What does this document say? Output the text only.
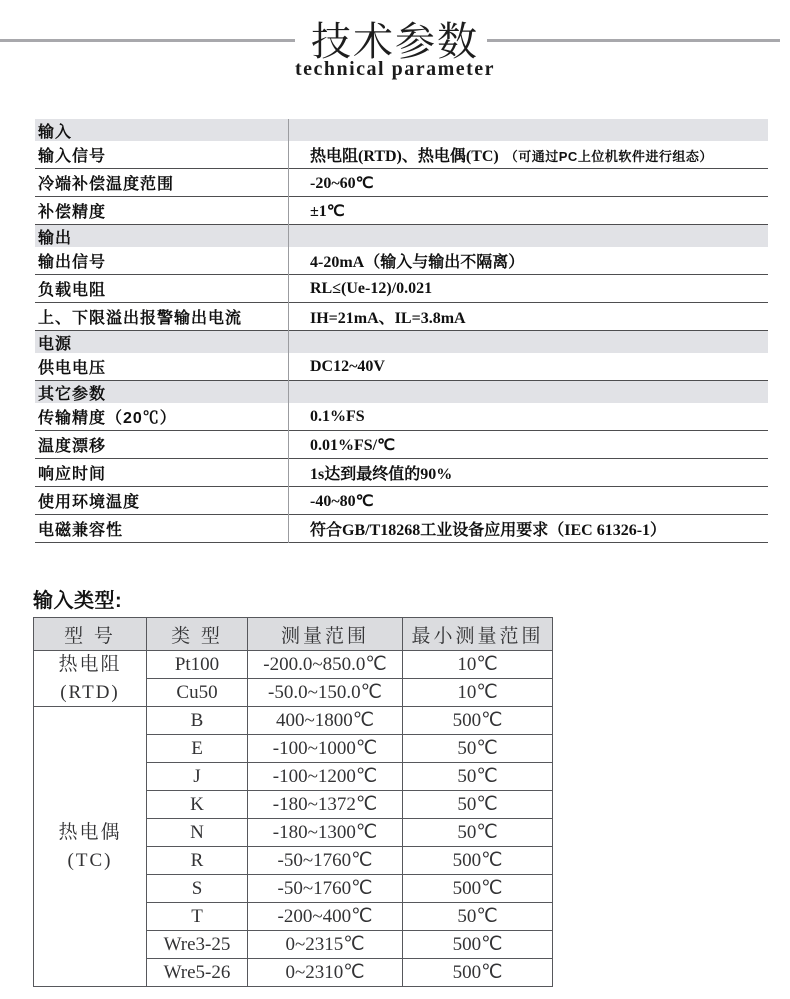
技术参数
technical parameter
输入
输入信号	热电阻(RTD)、热电偶(TC) （可通过PC上位机软件进行组态）
冷端补偿温度范围	-20~60℃
补偿精度	±1℃
输出
输出信号	4-20mA（输入与输出不隔离）
负载电阻	RL≤(Ue-12)/0.021
上、下限溢出报警输出电流	IH=21mA、IL=3.8mA
电源
供电电压	DC12~40V
其它参数
传输精度（20℃）	0.1%FS
温度漂移	0.01%FS/℃
响应时间	1s达到最终值的90%
使用环境温度	-40~80℃
电磁兼容性	符合GB/T18268工业设备应用要求（IEC 61326-1）
输入类型:
型 号	类 型	测量范围	最小测量范围

热电阻
(RTD)	Pt100	-200.0~850.0℃	10℃
	Cu50	-50.0~150.0℃	10℃

热电偶
(TC)	B	400~1800℃	500℃
	E	-100~1000℃	50℃
	J	-100~1200℃	50℃
	K	-180~1372℃	50℃
	N	-180~1300℃	50℃
	R	-50~1760℃	500℃
	S	-50~1760℃	500℃
	T	-200~400℃	50℃
	Wre3-25	0~2315℃	500℃
	Wre5-26	0~2310℃	500℃
